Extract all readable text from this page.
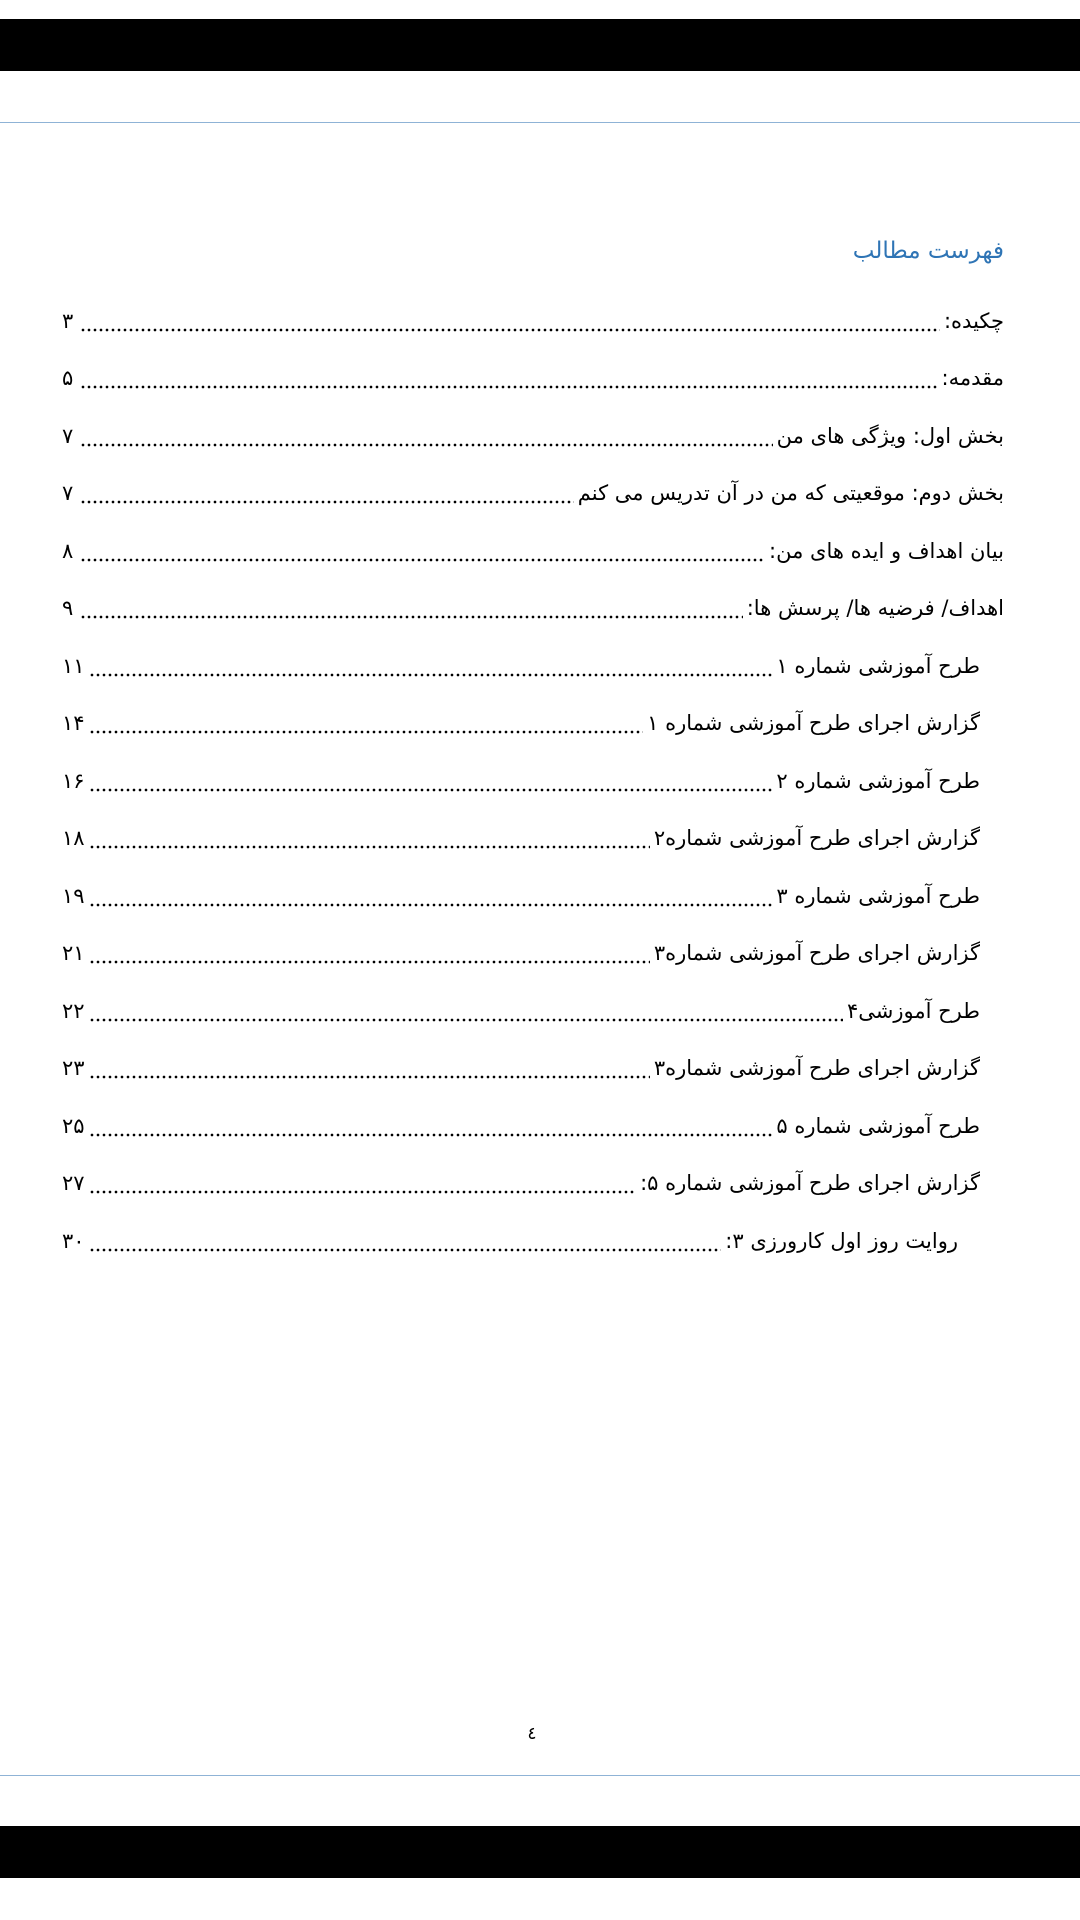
فهرست مطالب
چکیده:
۳
مقدمه:
۵
بخش اول: ویژگی های من
۷
بخش دوم: موقعیتی که من در آن تدریس می کنم
۷
بیان اهداف و ایده های من:
۸
اهداف/ فرضیه ها/ پرسش ها:
۹
طرح آموزشی شماره ۱
۱۱
گزارش اجرای طرح آموزشی شماره ۱
۱۴
طرح آموزشی شماره ۲
۱۶
گزارش اجرای طرح آموزشی شماره۲
۱۸
طرح آموزشی شماره ۳
۱۹
گزارش اجرای طرح آموزشی شماره۳
۲۱
طرح آموزشی۴
۲۲
گزارش اجرای طرح آموزشی شماره۳
۲۳
طرح آموزشی شماره ۵
۲۵
گزارش اجرای طرح آموزشی شماره ۵:
۲۷
روایت روز اول کارورزی ۳:
۳۰
٤
